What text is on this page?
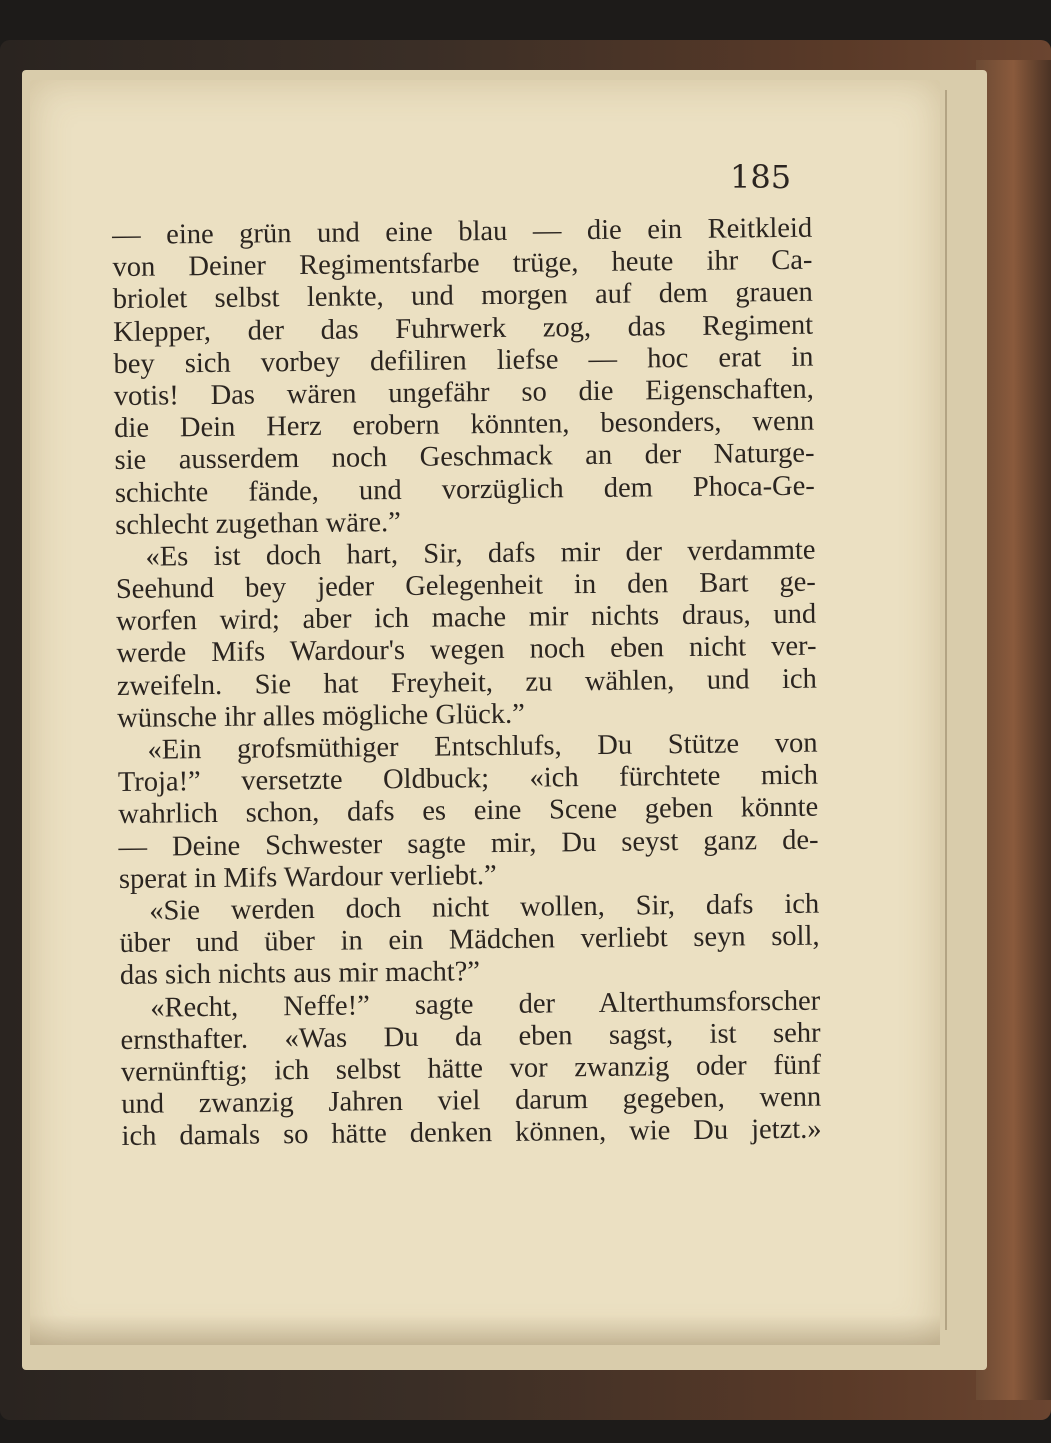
185
— eine grün und eine blau — die ein Reitkleid
von Deiner Regimentsfarbe trüge, heute ihr Ca-
briolet selbst lenkte, und morgen auf dem grauen
Klepper, der das Fuhrwerk zog, das Regiment
bey sich vorbey defiliren liefse — hoc erat in
votis! Das wären ungefähr so die Eigenschaften,
die Dein Herz erobern könnten, besonders, wenn
sie ausserdem noch Geschmack an der Naturge-
schichte fände, und vorzüglich dem Phoca-Ge-
schlecht zugethan wäre.”
«Es ist doch hart, Sir, dafs mir der verdammte
Seehund bey jeder Gelegenheit in den Bart ge-
worfen wird; aber ich mache mir nichts draus, und
werde Mifs Wardour's wegen noch eben nicht ver-
zweifeln. Sie hat Freyheit, zu wählen, und ich
wünsche ihr alles mögliche Glück.”
«Ein grofsmüthiger Entschlufs, Du Stütze von
Troja!” versetzte Oldbuck; «ich fürchtete mich
wahrlich schon, dafs es eine Scene geben könnte
— Deine Schwester sagte mir, Du seyst ganz de-
sperat in Mifs Wardour verliebt.”
«Sie werden doch nicht wollen, Sir, dafs ich
über und über in ein Mädchen verliebt seyn soll,
das sich nichts aus mir macht?”
«Recht, Neffe!” sagte der Alterthumsforscher
ernsthafter. «Was Du da eben sagst, ist sehr
vernünftig; ich selbst hätte vor zwanzig oder fünf
und zwanzig Jahren viel darum gegeben, wenn
ich damals so hätte denken können, wie Du jetzt.»
